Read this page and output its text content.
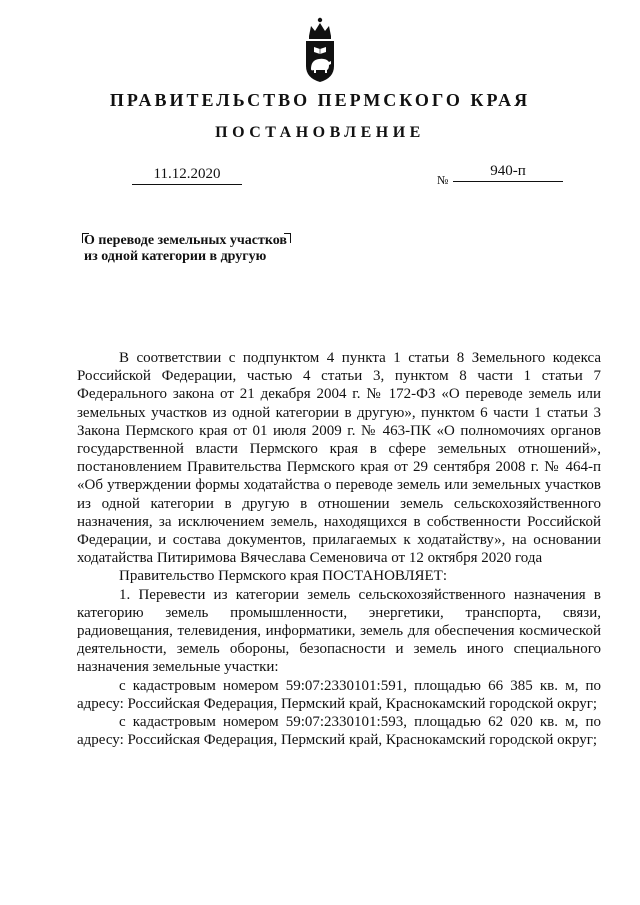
ПРАВИТЕЛЬСТВО ПЕРМСКОГО КРАЯ
ПОСТАНОВЛЕНИЕ
11.12.2020	№
940-п
О переводе земельных участков
из одной категории в другую

В соответствии с подпунктом 4 пункта 1 статьи 8 Земельного кодекса Российской Федерации, частью 4 статьи 3, пунктом 8 части 1 статьи 7 Федерального закона от 21 декабря 2004 г. № 172-ФЗ «О переводе земель или земельных участков из одной категории в другую», пунктом 6 части 1 статьи 3 Закона Пермского края от 01 июля 2009 г. № 463-ПК «О полномочиях органов государственной власти Пермского края в сфере земельных отношений», постановлением Правительства Пермского края от 29 сентября 2008 г. № 464-п «Об утверждении формы ходатайства о переводе земель или земельных участков из одной категории в другую в отношении земель сельскохозяйственного назначения, за исключением земель, находящихся в собственности Российской Федерации, и состава документов, прилагаемых к ходатайству», на основании ходатайства Питиримова Вячеслава Семеновича от 12 октября 2020 года

Правительство Пермского края ПОСТАНОВЛЯЕТ:

1. Перевести из категории земель сельскохозяйственного назначения в категорию земель промышленности, энергетики, транспорта, связи, радиовещания, телевидения, информатики, земель для обеспечения космической деятельности, земель обороны, безопасности и земель иного специального назначения земельные участки:

с кадастровым номером 59:07:2330101:591, площадью 66 385 кв. м, по адресу: Российская Федерация, Пермский край, Краснокамский городской округ;

с кадастровым номером 59:07:2330101:593, площадью 62 020 кв. м, по адресу: Российская Федерация, Пермский край, Краснокамский городской округ;
